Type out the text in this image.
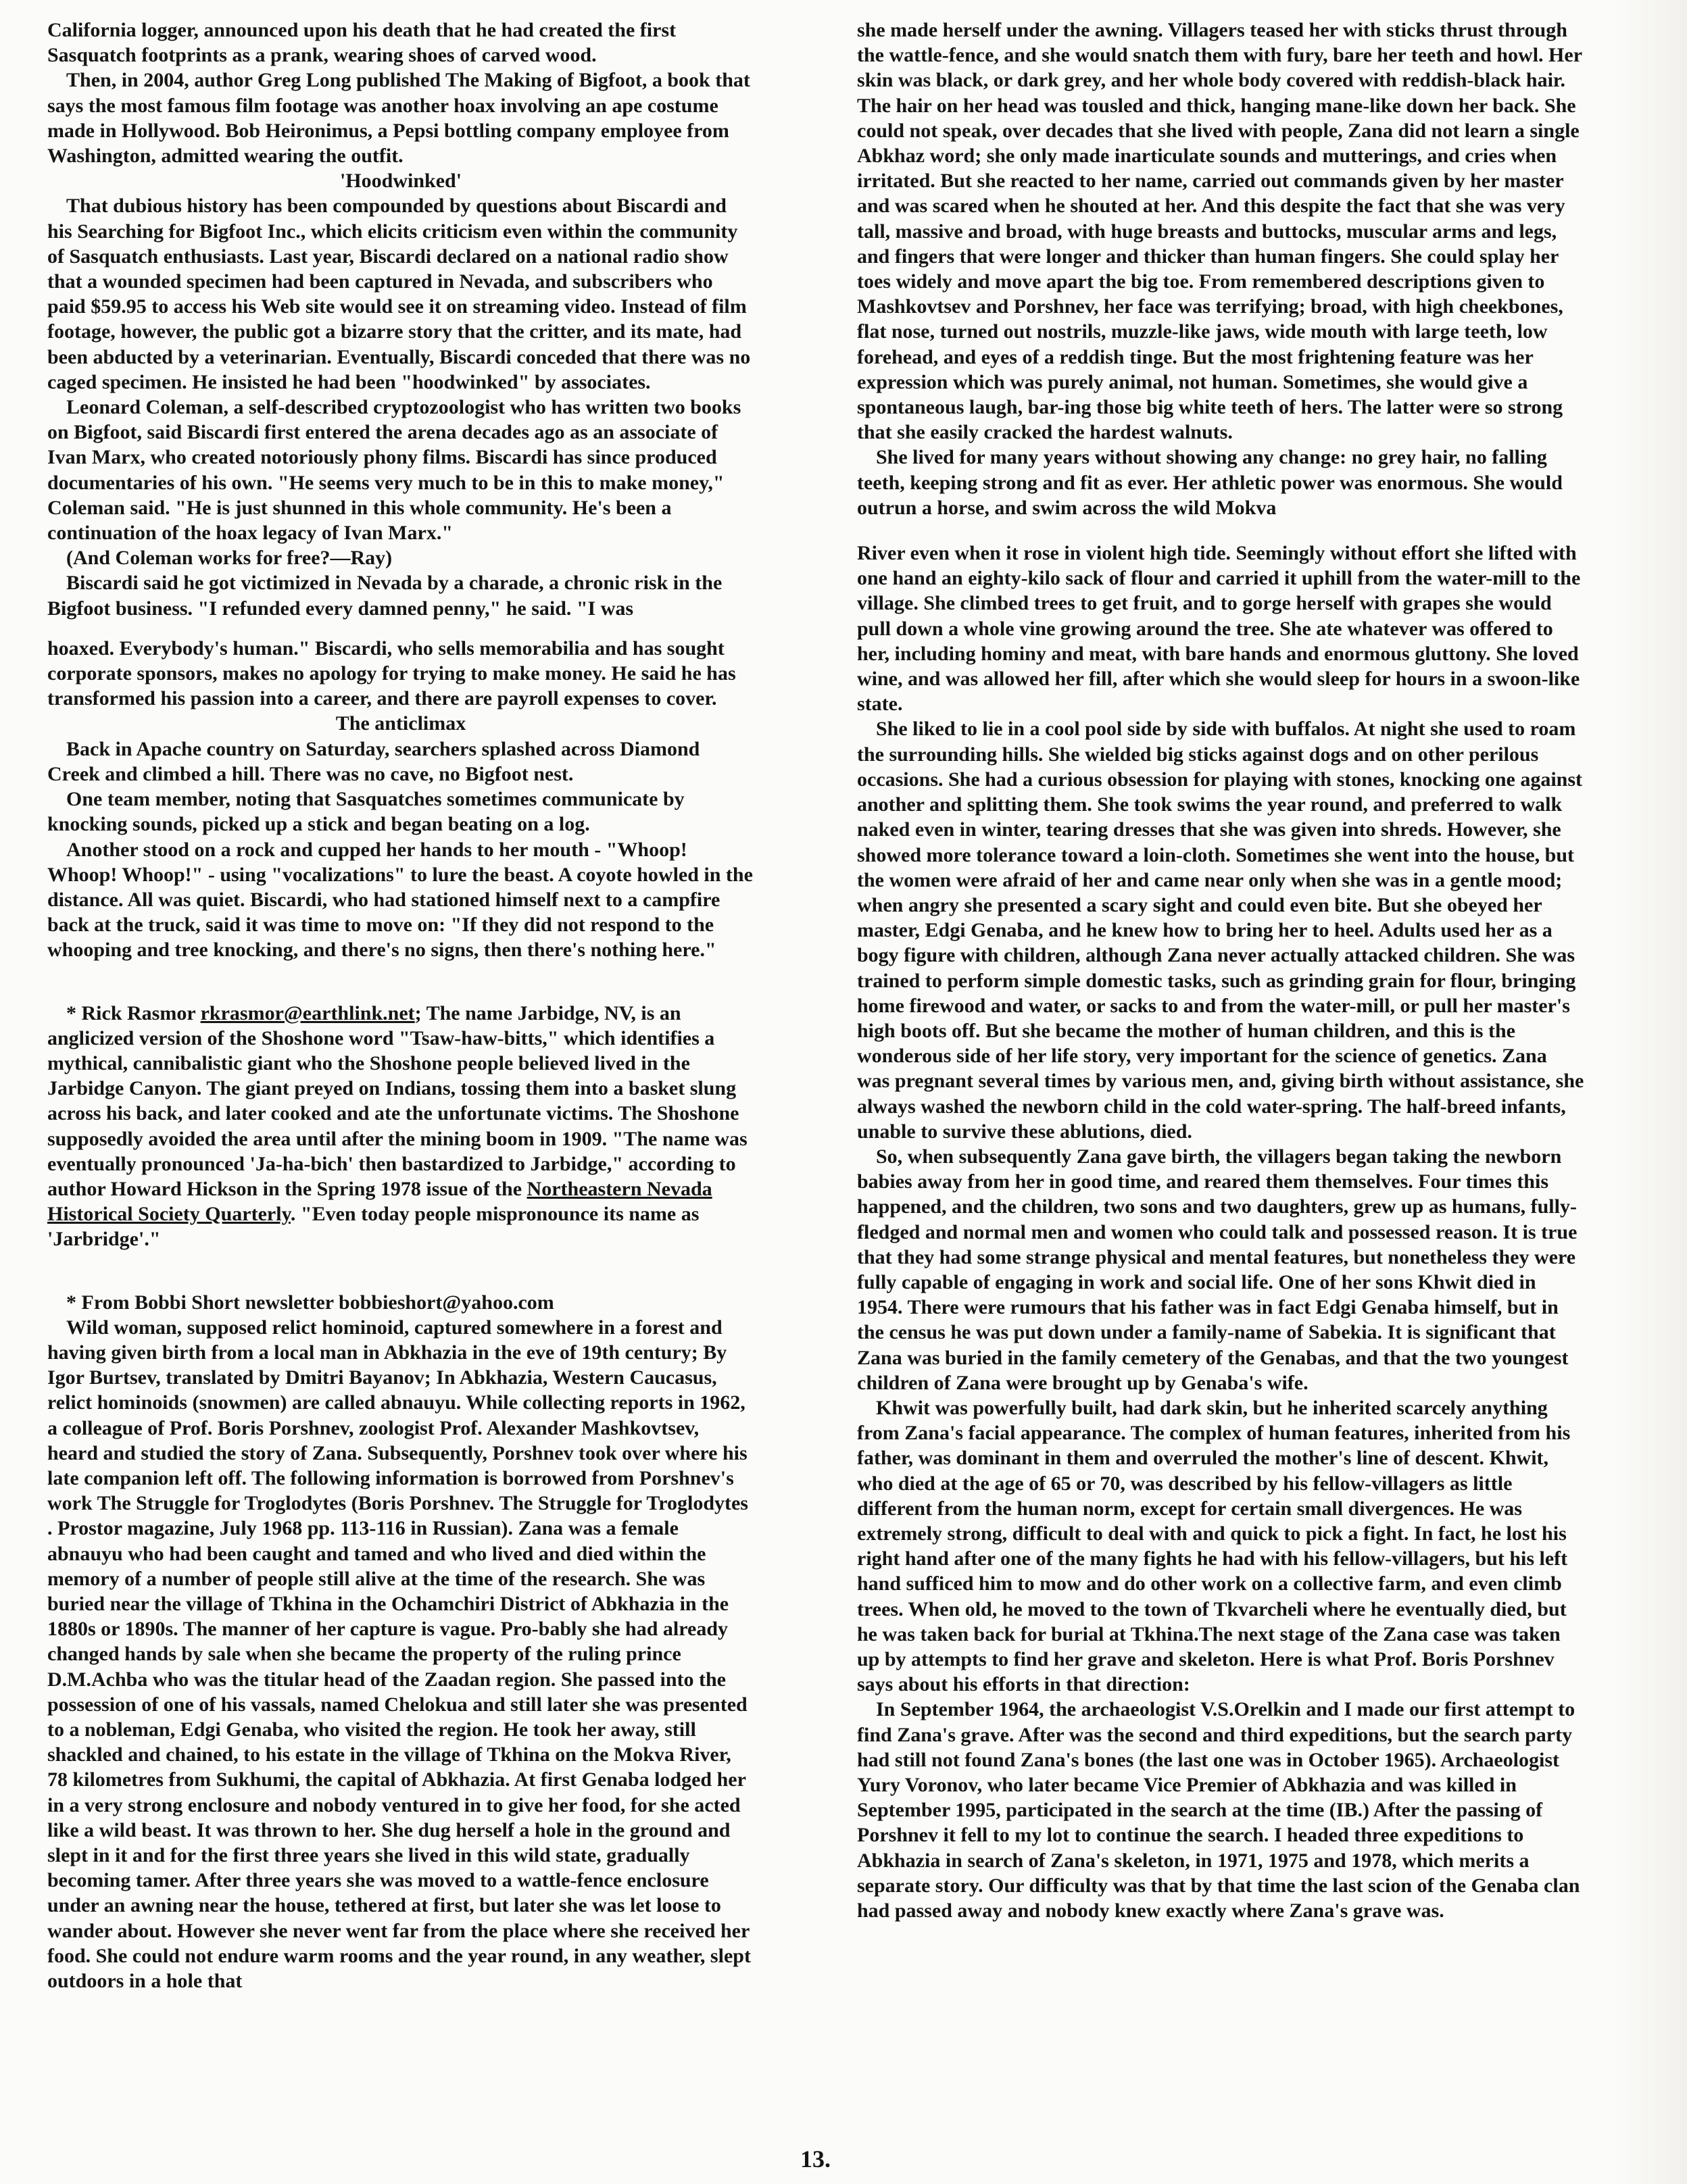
California logger, announced upon his death that he had created the first Sasquatch footprints as a prank, wearing shoes of carved wood.

Then, in 2004, author Greg Long published The Making of Bigfoot, a book that says the most famous film footage was another hoax involving an ape costume made in Hollywood. Bob Heironimus, a Pepsi bottling company employee from Washington, admitted wearing the outfit.

'Hoodwinked'

That dubious history has been compounded by questions about Biscardi and his Searching for Bigfoot Inc., which elicits criticism even within the community of Sasquatch enthusiasts. Last year, Biscardi declared on a national radio show that a wounded specimen had been captured in Nevada, and subscribers who paid $59.95 to access his Web site would see it on streaming video. Instead of film footage, however, the public got a bizarre story that the critter, and its mate, had been abducted by a veterinarian. Eventually, Biscardi conceded that there was no caged specimen. He insisted he had been "hoodwinked" by associates.

Leonard Coleman, a self-described cryptozoologist who has written two books on Bigfoot, said Biscardi first entered the arena decades ago as an associate of Ivan Marx, who created notoriously phony films. Biscardi has since produced documentaries of his own. "He seems very much to be in this to make money," Coleman said. "He is just shunned in this whole community. He's been a continuation of the hoax legacy of Ivan Marx."

(And Coleman works for free?—Ray)

Biscardi said he got victimized in Nevada by a charade, a chronic risk in the Bigfoot business. "I refunded every damned penny," he said. "I was

hoaxed. Everybody's human." Biscardi, who sells memorabilia and has sought corporate sponsors, makes no apology for trying to make money. He said he has transformed his passion into a career, and there are payroll expenses to cover.

The anticlimax

Back in Apache country on Saturday, searchers splashed across Diamond Creek and climbed a hill. There was no cave, no Bigfoot nest.

One team member, noting that Sasquatches sometimes communicate by knocking sounds, picked up a stick and began beating on a log.

Another stood on a rock and cupped her hands to her mouth - "Whoop! Whoop! Whoop!" - using "vocalizations" to lure the beast. A coyote howled in the distance. All was quiet. Biscardi, who had stationed himself next to a campfire back at the truck, said it was time to move on: "If they did not respond to the whooping and tree knocking, and there's no signs, then there's nothing here."

* Rick Rasmor rkrasmor@earthlink.net; The name Jarbidge, NV, is an anglicized version of the Shoshone word "Tsaw-haw-bitts," which identifies a mythical, cannibalistic giant who the Shoshone people believed lived in the Jarbidge Canyon. The giant preyed on Indians, tossing them into a basket slung across his back, and later cooked and ate the unfortunate victims. The Shoshone supposedly avoided the area until after the mining boom in 1909. "The name was eventually pronounced 'Ja-ha-bich' then bastardized to Jarbidge," according to author Howard Hickson in the Spring 1978 issue of the Northeastern Nevada Historical Society Quarterly. "Even today people mispronounce its name as 'Jarbridge'."

* From Bobbi Short newsletter bobbieshort@yahoo.com

Wild woman, supposed relict hominoid, captured somewhere in a forest and having given birth from a local man in Abkhazia in the eve of 19th century; By Igor Burtsev, translated by Dmitri Bayanov; In Abkhazia, Western Caucasus, relict hominoids (snowmen) are called abnauyu. While collecting reports in 1962, a colleague of Prof. Boris Porshnev, zoologist Prof. Alexander Mashkovtsev, heard and studied the story of Zana. Subsequently, Porshnev took over where his late companion left off. The following information is borrowed from Porshnev's work The Struggle for Troglodytes (Boris Porshnev. The Struggle for Troglodytes . Prostor magazine, July 1968 pp. 113-116 in Russian). Zana was a female abnauyu who had been caught and tamed and who lived and died within the memory of a number of people still alive at the time of the research. She was buried near the village of Tkhina in the Ochamchiri District of Abkhazia in the 1880s or 1890s. The manner of her capture is vague. Pro-bably she had already changed hands by sale when she became the property of the ruling prince D.M.Achba who was the titular head of the Zaadan region. She passed into the possession of one of his vassals, named Chelokua and still later she was presented to a nobleman, Edgi Genaba, who visited the region. He took her away, still shackled and chained, to his estate in the village of Tkhina on the Mokva River, 78 kilometres from Sukhumi, the capital of Abkhazia. At first Genaba lodged her in a very strong enclosure and nobody ventured in to give her food, for she acted like a wild beast. It was thrown to her. She dug herself a hole in the ground and slept in it and for the first three years she lived in this wild state, gradually becoming tamer. After three years she was moved to a wattle-fence enclosure under an awning near the house, tethered at first, but later she was let loose to wander about. However she never went far from the place where she received her food. She could not endure warm rooms and the year round, in any weather, slept outdoors in a hole that

she made herself under the awning. Villagers teased her with sticks thrust through the wattle-fence, and she would snatch them with fury, bare her teeth and howl. Her skin was black, or dark grey, and her whole body covered with reddish-black hair. The hair on her head was tousled and thick, hanging mane-like down her back. She could not speak, over decades that she lived with people, Zana did not learn a single Abkhaz word; she only made inarticulate sounds and mutterings, and cries when irritated. But she reacted to her name, carried out commands given by her master and was scared when he shouted at her. And this despite the fact that she was very tall, massive and broad, with huge breasts and buttocks, muscular arms and legs, and fingers that were longer and thicker than human fingers. She could splay her toes widely and move apart the big toe. From remembered descriptions given to Mashkovtsev and Porshnev, her face was terrifying; broad, with high cheekbones, flat nose, turned out nostrils, muzzle-like jaws, wide mouth with large teeth, low forehead, and eyes of a reddish tinge. But the most frightening feature was her expression which was purely animal, not human. Sometimes, she would give a spontaneous laugh, bar-ing those big white teeth of hers. The latter were so strong that she easily cracked the hardest walnuts.

She lived for many years without showing any change: no grey hair, no falling teeth, keeping strong and fit as ever. Her athletic power was enormous. She would outrun a horse, and swim across the wild Mokva

River even when it rose in violent high tide. Seemingly without effort she lifted with one hand an eighty-kilo sack of flour and carried it uphill from the water-mill to the village. She climbed trees to get fruit, and to gorge herself with grapes she would pull down a whole vine growing around the tree. She ate whatever was offered to her, including hominy and meat, with bare hands and enormous gluttony. She loved wine, and was allowed her fill, after which she would sleep for hours in a swoon-like state.

She liked to lie in a cool pool side by side with buffalos. At night she used to roam the surrounding hills. She wielded big sticks against dogs and on other perilous occasions. She had a curious obsession for playing with stones, knocking one against another and splitting them. She took swims the year round, and preferred to walk naked even in winter, tearing dresses that she was given into shreds. However, she showed more tolerance toward a loin-cloth. Sometimes she went into the house, but the women were afraid of her and came near only when she was in a gentle mood; when angry she presented a scary sight and could even bite. But she obeyed her master, Edgi Genaba, and he knew how to bring her to heel. Adults used her as a bogy figure with children, although Zana never actually attacked children. She was trained to perform simple domestic tasks, such as grinding grain for flour, bringing home firewood and water, or sacks to and from the water-mill, or pull her master's high boots off. But she became the mother of human children, and this is the wonderous side of her life story, very important for the science of genetics. Zana was pregnant several times by various men, and, giving birth without assistance, she always washed the newborn child in the cold water-spring. The half-breed infants, unable to survive these ablutions, died.

So, when subsequently Zana gave birth, the villagers began taking the newborn babies away from her in good time, and reared them themselves. Four times this happened, and the children, two sons and two daughters, grew up as humans, fully-fledged and normal men and women who could talk and possessed reason. It is true that they had some strange physical and mental features, but nonetheless they were fully capable of engaging in work and social life. One of her sons Khwit died in 1954. There were rumours that his father was in fact Edgi Genaba himself, but in the census he was put down under a family-name of Sabekia. It is significant that Zana was buried in the family cemetery of the Genabas, and that the two youngest children of Zana were brought up by Genaba's wife.

Khwit was powerfully built, had dark skin, but he inherited scarcely anything from Zana's facial appearance. The complex of human features, inherited from his father, was dominant in them and overruled the mother's line of descent. Khwit, who died at the age of 65 or 70, was described by his fellow-villagers as little different from the human norm, except for certain small divergences. He was extremely strong, difficult to deal with and quick to pick a fight. In fact, he lost his right hand after one of the many fights he had with his fellow-villagers, but his left hand sufficed him to mow and do other work on a collective farm, and even climb trees. When old, he moved to the town of Tkvarcheli where he eventually died, but he was taken back for burial at Tkhina.The next stage of the Zana case was taken up by attempts to find her grave and skeleton. Here is what Prof. Boris Porshnev says about his efforts in that direction:

In September 1964, the archaeologist V.S.Orelkin and I made our first attempt to find Zana's grave. After was the second and third expeditions, but the search party had still not found Zana's bones (the last one was in October 1965). Archaeologist Yury Voronov, who later became Vice Premier of Abkhazia and was killed in September 1995, participated in the search at the time (IB.) After the passing of Porshnev it fell to my lot to continue the search. I headed three expeditions to Abkhazia in search of Zana's skeleton, in 1971, 1975 and 1978, which merits a separate story. Our difficulty was that by that time the last scion of the Genaba clan had passed away and nobody knew exactly where Zana's grave was.

13.
